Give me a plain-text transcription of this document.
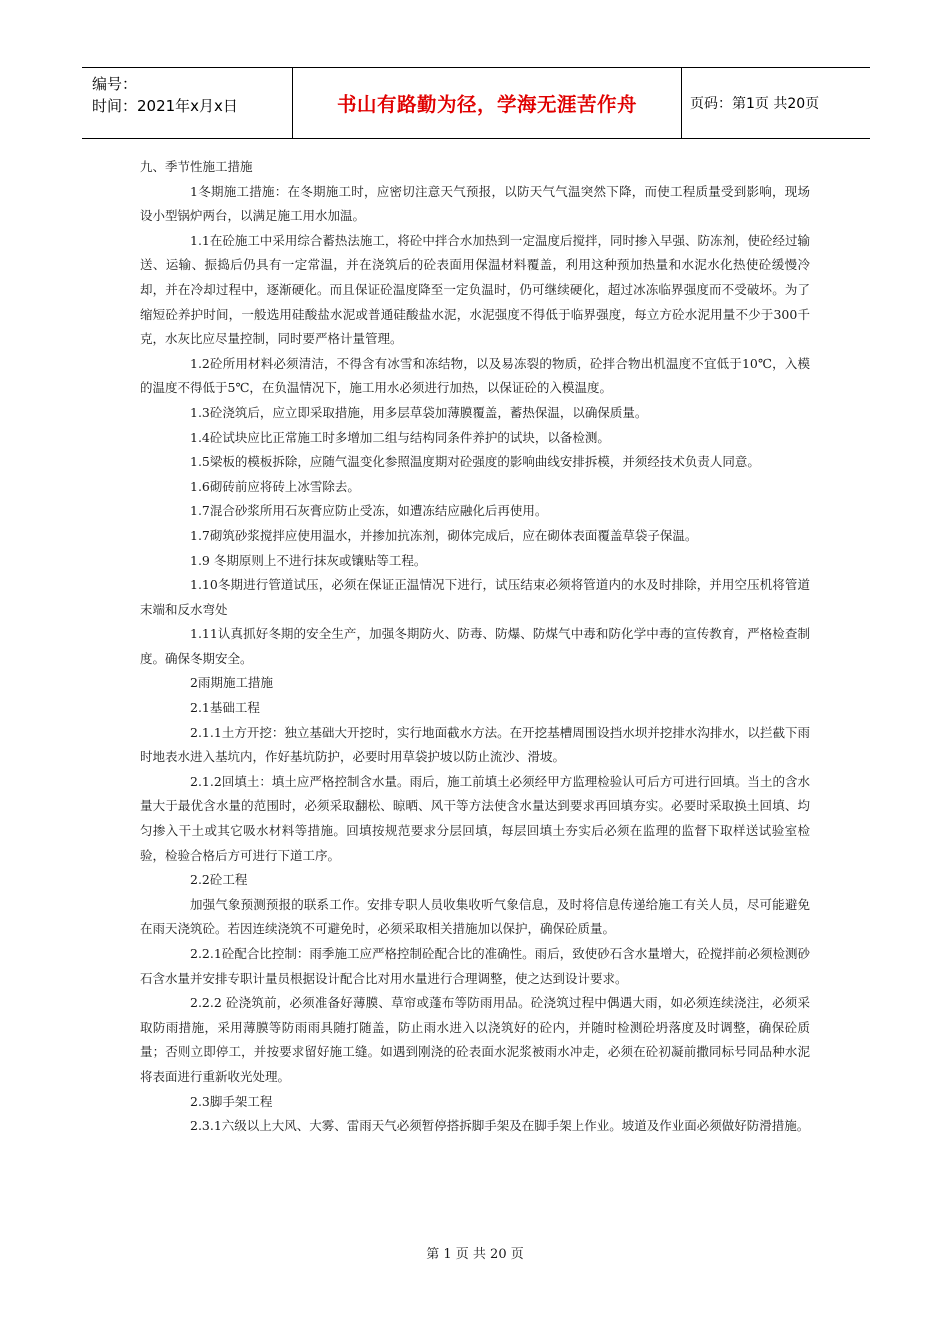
编号：
时间：2021年x月x日	书山有路勤为径，学海无涯苦作舟	页码：第1页 共20页

九、季节性施工措施

1冬期施工措施：在冬期施工时，应密切注意天气预报，以防天气气温突然下降，而使工程质量受到影响，现场设小型锅炉两台，以满足施工用水加温。

1.1在砼施工中采用综合蓄热法施工，将砼中拌合水加热到一定温度后搅拌，同时掺入早强、防冻剂，使砼经过输送、运输、振捣后仍具有一定常温，并在浇筑后的砼表面用保温材料覆盖，利用这种预加热量和水泥水化热使砼缓慢冷却，并在冷却过程中，逐渐硬化。而且保证砼温度降至一定负温时，仍可继续硬化，超过冰冻临界强度而不受破坏。为了缩短砼养护时间，一般选用硅酸盐水泥或普通硅酸盐水泥，水泥强度不得低于临界强度，每立方砼水泥用量不少于300千克，水灰比应尽量控制，同时要严格计量管理。

1.2砼所用材料必须清洁，不得含有冰雪和冻结物，以及易冻裂的物质，砼拌合物出机温度不宜低于10℃，入模的温度不得低于5℃，在负温情况下，施工用水必须进行加热，以保证砼的入模温度。

1.3砼浇筑后，应立即采取措施，用多层草袋加薄膜覆盖，蓄热保温，以确保质量。

1.4砼试块应比正常施工时多增加二组与结构同条件养护的试块，以备检测。

1.5梁板的模板拆除，应随气温变化参照温度期对砼强度的影响曲线安排拆模，并须经技术负责人同意。

1.6砌砖前应将砖上冰雪除去。

1.7混合砂浆所用石灰膏应防止受冻，如遭冻结应融化后再使用。

1.7砌筑砂浆搅拌应使用温水，并掺加抗冻剂，砌体完成后，应在砌体表面覆盖草袋子保温。

1.9 冬期原则上不进行抹灰或镶贴等工程。

1.10冬期进行管道试压，必须在保证正温情况下进行，试压结束必须将管道内的水及时排除，并用空压机将管道末端和反水弯处

1.11认真抓好冬期的安全生产，加强冬期防火、防毒、防爆、防煤气中毒和防化学中毒的宣传教育，严格检查制度。确保冬期安全。

2雨期施工措施

2.1基础工程

2.1.1土方开挖：独立基础大开挖时，实行地面截水方法。在开挖基槽周围设挡水坝并挖排水沟排水，以拦截下雨时地表水进入基坑内，作好基坑防护，必要时用草袋护坡以防止流沙、滑坡。

2.1.2回填土：填土应严格控制含水量。雨后，施工前填土必须经甲方监理检验认可后方可进行回填。当土的含水量大于最优含水量的范围时，必须采取翻松、晾晒、风干等方法使含水量达到要求再回填夯实。必要时采取换土回填、均匀掺入干土或其它吸水材料等措施。回填按规范要求分层回填，每层回填土夯实后必须在监理的监督下取样送试验室检验，检验合格后方可进行下道工序。

2.2砼工程

加强气象预测预报的联系工作。安排专职人员收集收听气象信息，及时将信息传递给施工有关人员，尽可能避免在雨天浇筑砼。若因连续浇筑不可避免时，必须采取相关措施加以保护，确保砼质量。

2.2.1砼配合比控制：雨季施工应严格控制砼配合比的准确性。雨后，致使砂石含水量增大，砼搅拌前必须检测砂石含水量并安排专职计量员根据设计配合比对用水量进行合理调整，使之达到设计要求。

2.2.2 砼浇筑前，必须准备好薄膜、草帘或蓬布等防雨用品。砼浇筑过程中偶遇大雨，如必须连续浇注，必须采取防雨措施，采用薄膜等防雨雨具随打随盖，防止雨水进入以浇筑好的砼内，并随时检测砼坍落度及时调整，确保砼质量；否则立即停工，并按要求留好施工缝。如遇到刚浇的砼表面水泥浆被雨水冲走，必须在砼初凝前撒同标号同品种水泥将表面进行重新收光处理。

2.3脚手架工程

2.3.1六级以上大风、大雾、雷雨天气必须暂停搭拆脚手架及在脚手架上作业。坡道及作业面必须做好防滑措施。

第 1 页 共 20 页
